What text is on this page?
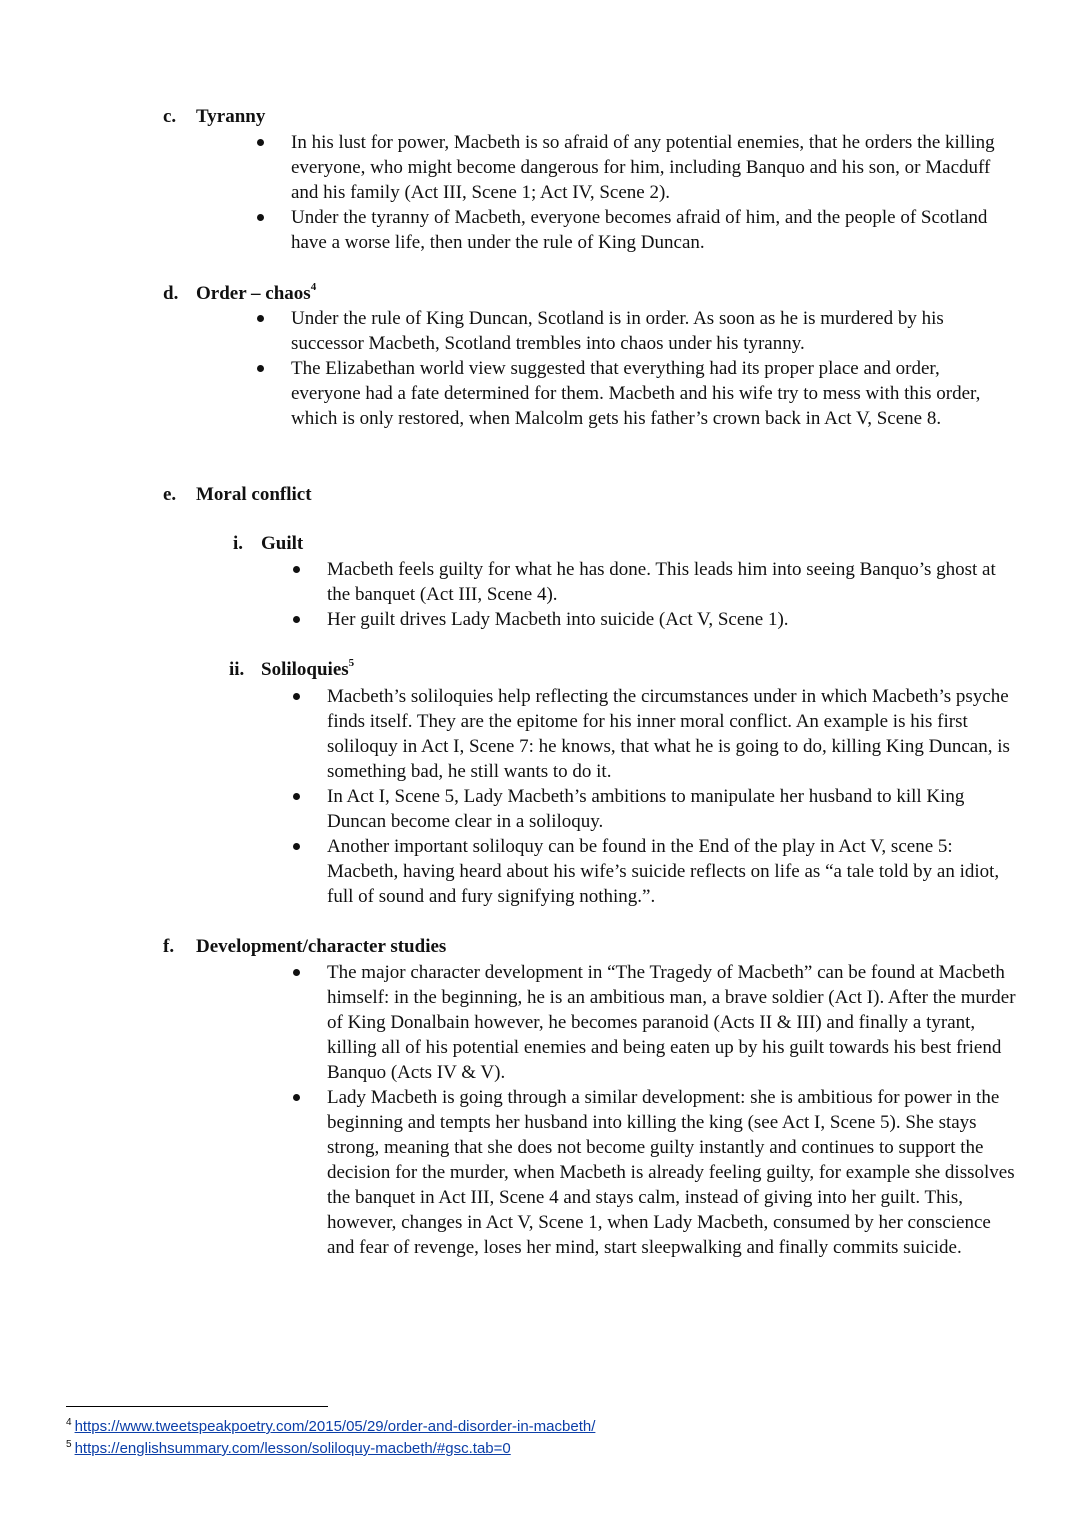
c. Tyranny
In his lust for power, Macbeth is so afraid of any potential enemies, that he orders the killing everyone, who might become dangerous for him, including Banquo and his son, or Macduff and his family (Act III, Scene 1; Act IV, Scene 2).
Under the tyranny of Macbeth, everyone becomes afraid of him, and the people of Scotland have a worse life, then under the rule of King Duncan.
d. Order – chaos$^4$
Under the rule of King Duncan, Scotland is in order. As soon as he is murdered by his successor Macbeth, Scotland trembles into chaos under his tyranny.
The Elizabethan world view suggested that everything had its proper place and order, everyone had a fate determined for them. Macbeth and his wife try to mess with this order, which is only restored, when Malcolm gets his father’s crown back in Act V, Scene 8.
e. Moral conflict
i. Guilt
Macbeth feels guilty for what he has done. This leads him into seeing Banquo’s ghost at the banquet (Act III, Scene 4).
Her guilt drives Lady Macbeth into suicide (Act V, Scene 1).
ii. Soliloquies$^5$
Macbeth’s soliloquies help reflecting the circumstances under in which Macbeth’s psyche finds itself. They are the epitome for his inner moral conflict. An example is his first soliloquy in Act I, Scene 7: he knows, that what he is going to do, killing King Duncan, is something bad, he still wants to do it.
In Act I, Scene 5, Lady Macbeth’s ambitions to manipulate her husband to kill King Duncan become clear in a soliloquy.
Another important soliloquy can be found in the End of the play in Act V, scene 5: Macbeth, having heard about his wife’s suicide reflects on life as “a tale told by an idiot, full of sound and fury signifying nothing.”.
f. Development/character studies
The major character development in “The Tragedy of Macbeth” can be found at Macbeth himself: in the beginning, he is an ambitious man, a brave soldier (Act I). After the murder of King Donalbain however, he becomes paranoid (Acts II & III) and finally a tyrant, killing all of his potential enemies and being eaten up by his guilt towards his best friend Banquo (Acts IV & V).
Lady Macbeth is going through a similar development: she is ambitious for power in the beginning and tempts her husband into killing the king (see Act I, Scene 5). She stays strong, meaning that she does not become guilty instantly and continues to support the decision for the murder, when Macbeth is already feeling guilty, for example she dissolves the banquet in Act III, Scene 4 and stays calm, instead of giving into her guilt. This, however, changes in Act V, Scene 1, when Lady Macbeth, consumed by her conscience and fear of revenge, loses her mind, start sleepwalking and finally commits suicide.
$^4$ https://www.tweetspeakpoetry.com/2015/05/29/order-and-disorder-in-macbeth/
$^5$ https://englishsummary.com/lesson/soliloquy-macbeth/#gsc.tab=0
